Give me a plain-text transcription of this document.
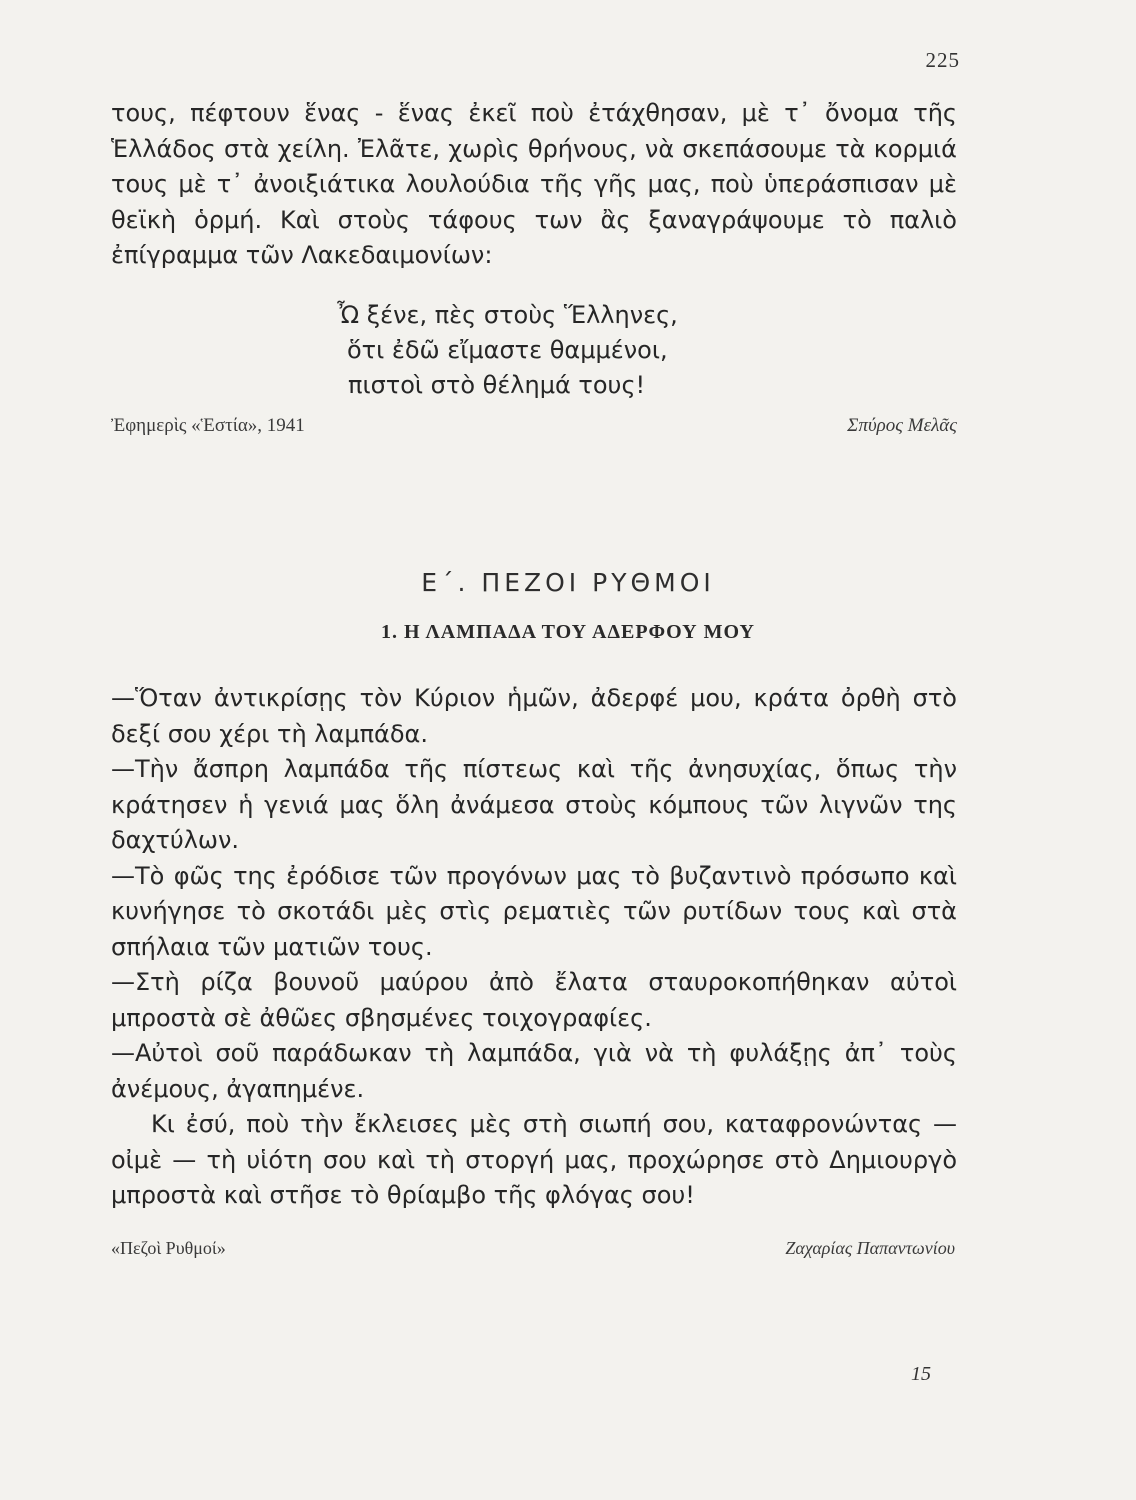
225

τους, πέφτουν ἕνας - ἕνας ἐκεῖ ποὺ ἐτάχθησαν, μὲ τ᾽ ὄνομα τῆς Ἑλλάδος στὰ χείλη. Ἐλᾶτε, χωρὶς θρήνους, νὰ σκεπάσουμε τὰ κορμιά τους μὲ τ᾽ ἀνοιξιάτικα λουλούδια τῆς γῆς μας, ποὺ ὑπεράσπισαν μὲ θεϊκὴ ὁρμή. Καὶ στοὺς τάφους των ἂς ξαναγράψουμε τὸ παλιὸ ἐπίγραμμα τῶν Λακεδαιμονίων:

Ὦ ξένε, πὲς στοὺς Ἕλληνες,
ὅτι ἐδῶ εἴμαστε θαμμένοι,
πιστοὶ στὸ θέλημά τους!
Ἐφημερὶς «Ἑστία», 1941	Σπύρος Μελᾶς
Ε΄. ΠΕΖΟΙ ΡΥΘΜΟΙ
1. Η ΛΑΜΠΑΔΑ ΤΟΥ ΑΔΕΡΦΟΥ ΜΟΥ

—Ὅταν ἀντικρίσῃς τὸν Κύριον ἡμῶν, ἀδερφέ μου, κράτα ὀρθὴ στὸ δεξί σου χέρι τὴ λαμπάδα.

—Τὴν ἄσπρη λαμπάδα τῆς πίστεως καὶ τῆς ἀνησυχίας, ὅπως τὴν κράτησεν ἡ γενιά μας ὅλη ἀνάμεσα στοὺς κόμπους τῶν λιγνῶν της δαχτύλων.

—Τὸ φῶς της ἐρόδισε τῶν προγόνων μας τὸ βυζαντινὸ πρόσωπο καὶ κυνήγησε τὸ σκοτάδι μὲς στὶς ρεματιὲς τῶν ρυτίδων τους καὶ στὰ σπήλαια τῶν ματιῶν τους.

—Στὴ ρίζα βουνοῦ μαύρου ἀπὸ ἔλατα σταυροκοπήθηκαν αὐτοὶ μπροστὰ σὲ ἀθῶες σβησμένες τοιχογραφίες.

—Αὐτοὶ σοῦ παράδωκαν τὴ λαμπάδα, γιὰ νὰ τὴ φυλάξῃς ἀπ᾽ τοὺς ἀνέμους, ἀγαπημένε.

Κι ἐσύ, ποὺ τὴν ἔκλεισες μὲς στὴ σιωπή σου, καταφρονώντας — οἰμὲ — τὴ υἱότη σου καὶ τὴ στοργή μας, προχώρησε στὸ Δημιουργὸ μπροστὰ καὶ στῆσε τὸ θρίαμβο τῆς φλόγας σου!

«Πεζοὶ Ρυθμοί»	Ζαχαρίας Παπαντωνίου
15
